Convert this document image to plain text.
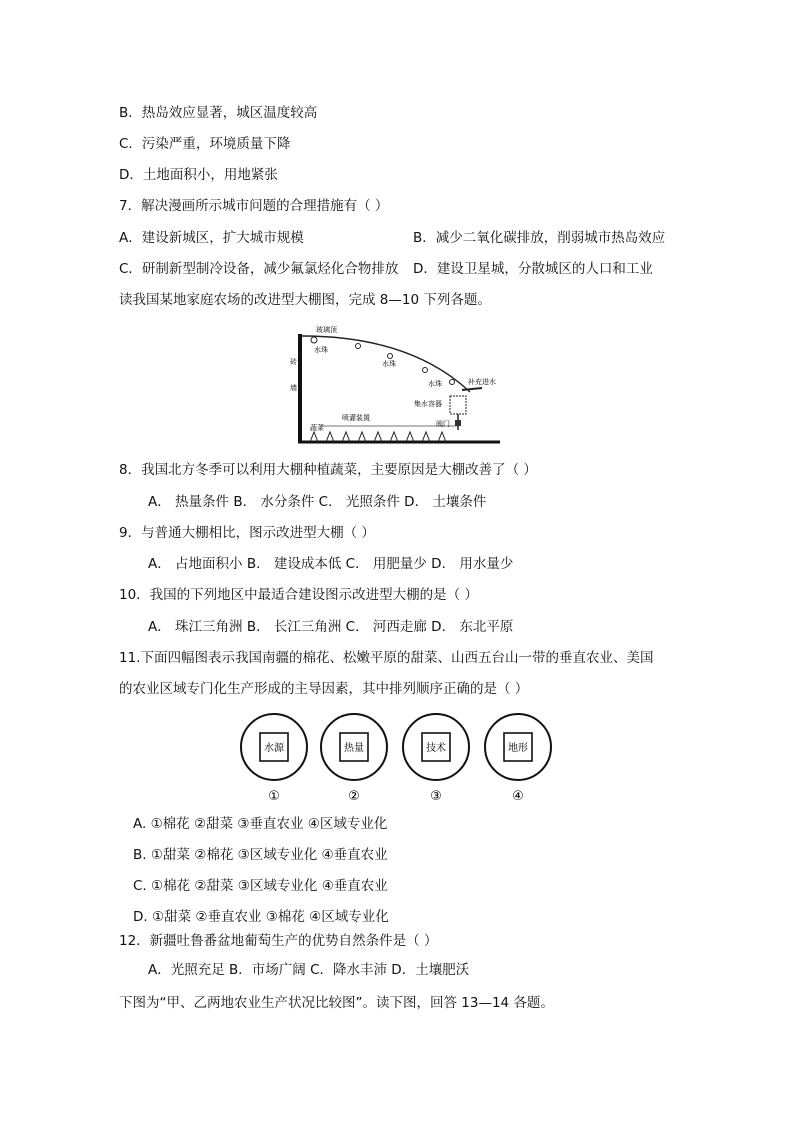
B．热岛效应显著，城区温度较高
C．污染严重，环境质量下降
D．土地面积小，用地紧张
7．解决漫画所示城市问题的合理措施有（ ）
A．建设新城区，扩大城市规模	B．减少二氧化碳排放，削弱城市热岛效应
C．研制新型制冷设备，减少氟氯烃化合物排放 D．建设卫星城，分散城区的人口和工业
读我国某地家庭农场的改进型大棚图，完成 8—10 下列各题。
玻璃顶
砖
墙
水珠
水珠
水珠	补充进水
集水容器
喷灌装置
阀门
蔬菜
8．我国北方冬季可以利用大棚种植蔬菜，主要原因是大棚改善了（ ）
A． 热量条件 B． 水分条件 C． 光照条件 D． 土壤条件
9．与普通大棚相比，图示改进型大棚（ ）
A． 占地面积小 B． 建设成本低 C． 用肥量少 D． 用水量少
10．我国的下列地区中最适合建设图示改进型大棚的是（ ）
A． 珠江三角洲 B． 长江三角洲 C． 河西走廊 D． 东北平原
11.下面四幅图表示我国南疆的棉花、松嫩平原的甜菜、山西五台山一带的垂直农业、美国
的农业区域专门化生产形成的主导因素，其中排列顺序正确的是（ ）
水源
①
热量
②
技术
③
地形
④
A. ①棉花 ②甜菜 ③垂直农业 ④区域专业化
B. ①甜菜 ②棉花 ③区域专业化 ④垂直农业
C. ①棉花 ②甜菜 ③区域专业化 ④垂直农业
D. ①甜菜 ②垂直农业 ③棉花 ④区域专业化
12．新疆吐鲁番盆地葡萄生产的优势自然条件是（ ）
A．光照充足 B．市场广阔 C．降水丰沛 D．土壤肥沃
下图为“甲、乙两地农业生产状况比较图”。读下图，回答 13—14 各题。
